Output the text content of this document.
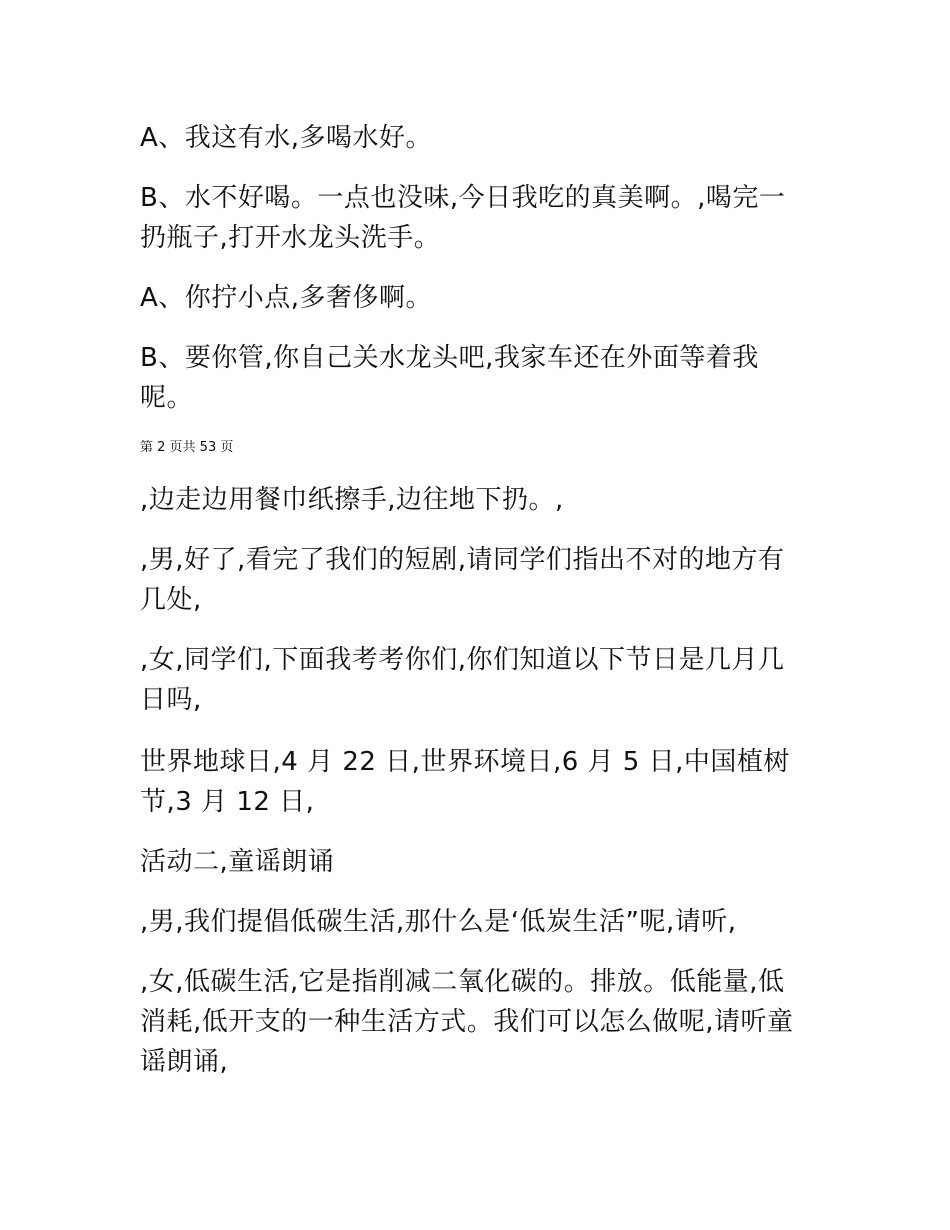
A、我这有水,多喝水好。

B、水不好喝。一点也没味,今日我吃的真美啊。,喝完一扔瓶子,打开水龙头洗手。

A、你拧小点,多奢侈啊。

B、要你管,你自己关水龙头吧,我家车还在外面等着我呢。

第 2 页共 53 页

,边走边用餐巾纸擦手,边往地下扔。,

,男,好了,看完了我们的短剧,请同学们指出不对的地方有几处,

,女,同学们,下面我考考你们,你们知道以下节日是几月几日吗,

世界地球日,4 月 22 日,世界环境日,6 月 5 日,中国植树节,3 月 12 日,

活动二,童谣朗诵

,男,我们提倡低碳生活,那什么是‘低炭生活”呢,请听,

,女,低碳生活,它是指削减二氧化碳的。排放。低能量,低消耗,低开支的一种生活方式。我们可以怎么做呢,请听童谣朗诵,
